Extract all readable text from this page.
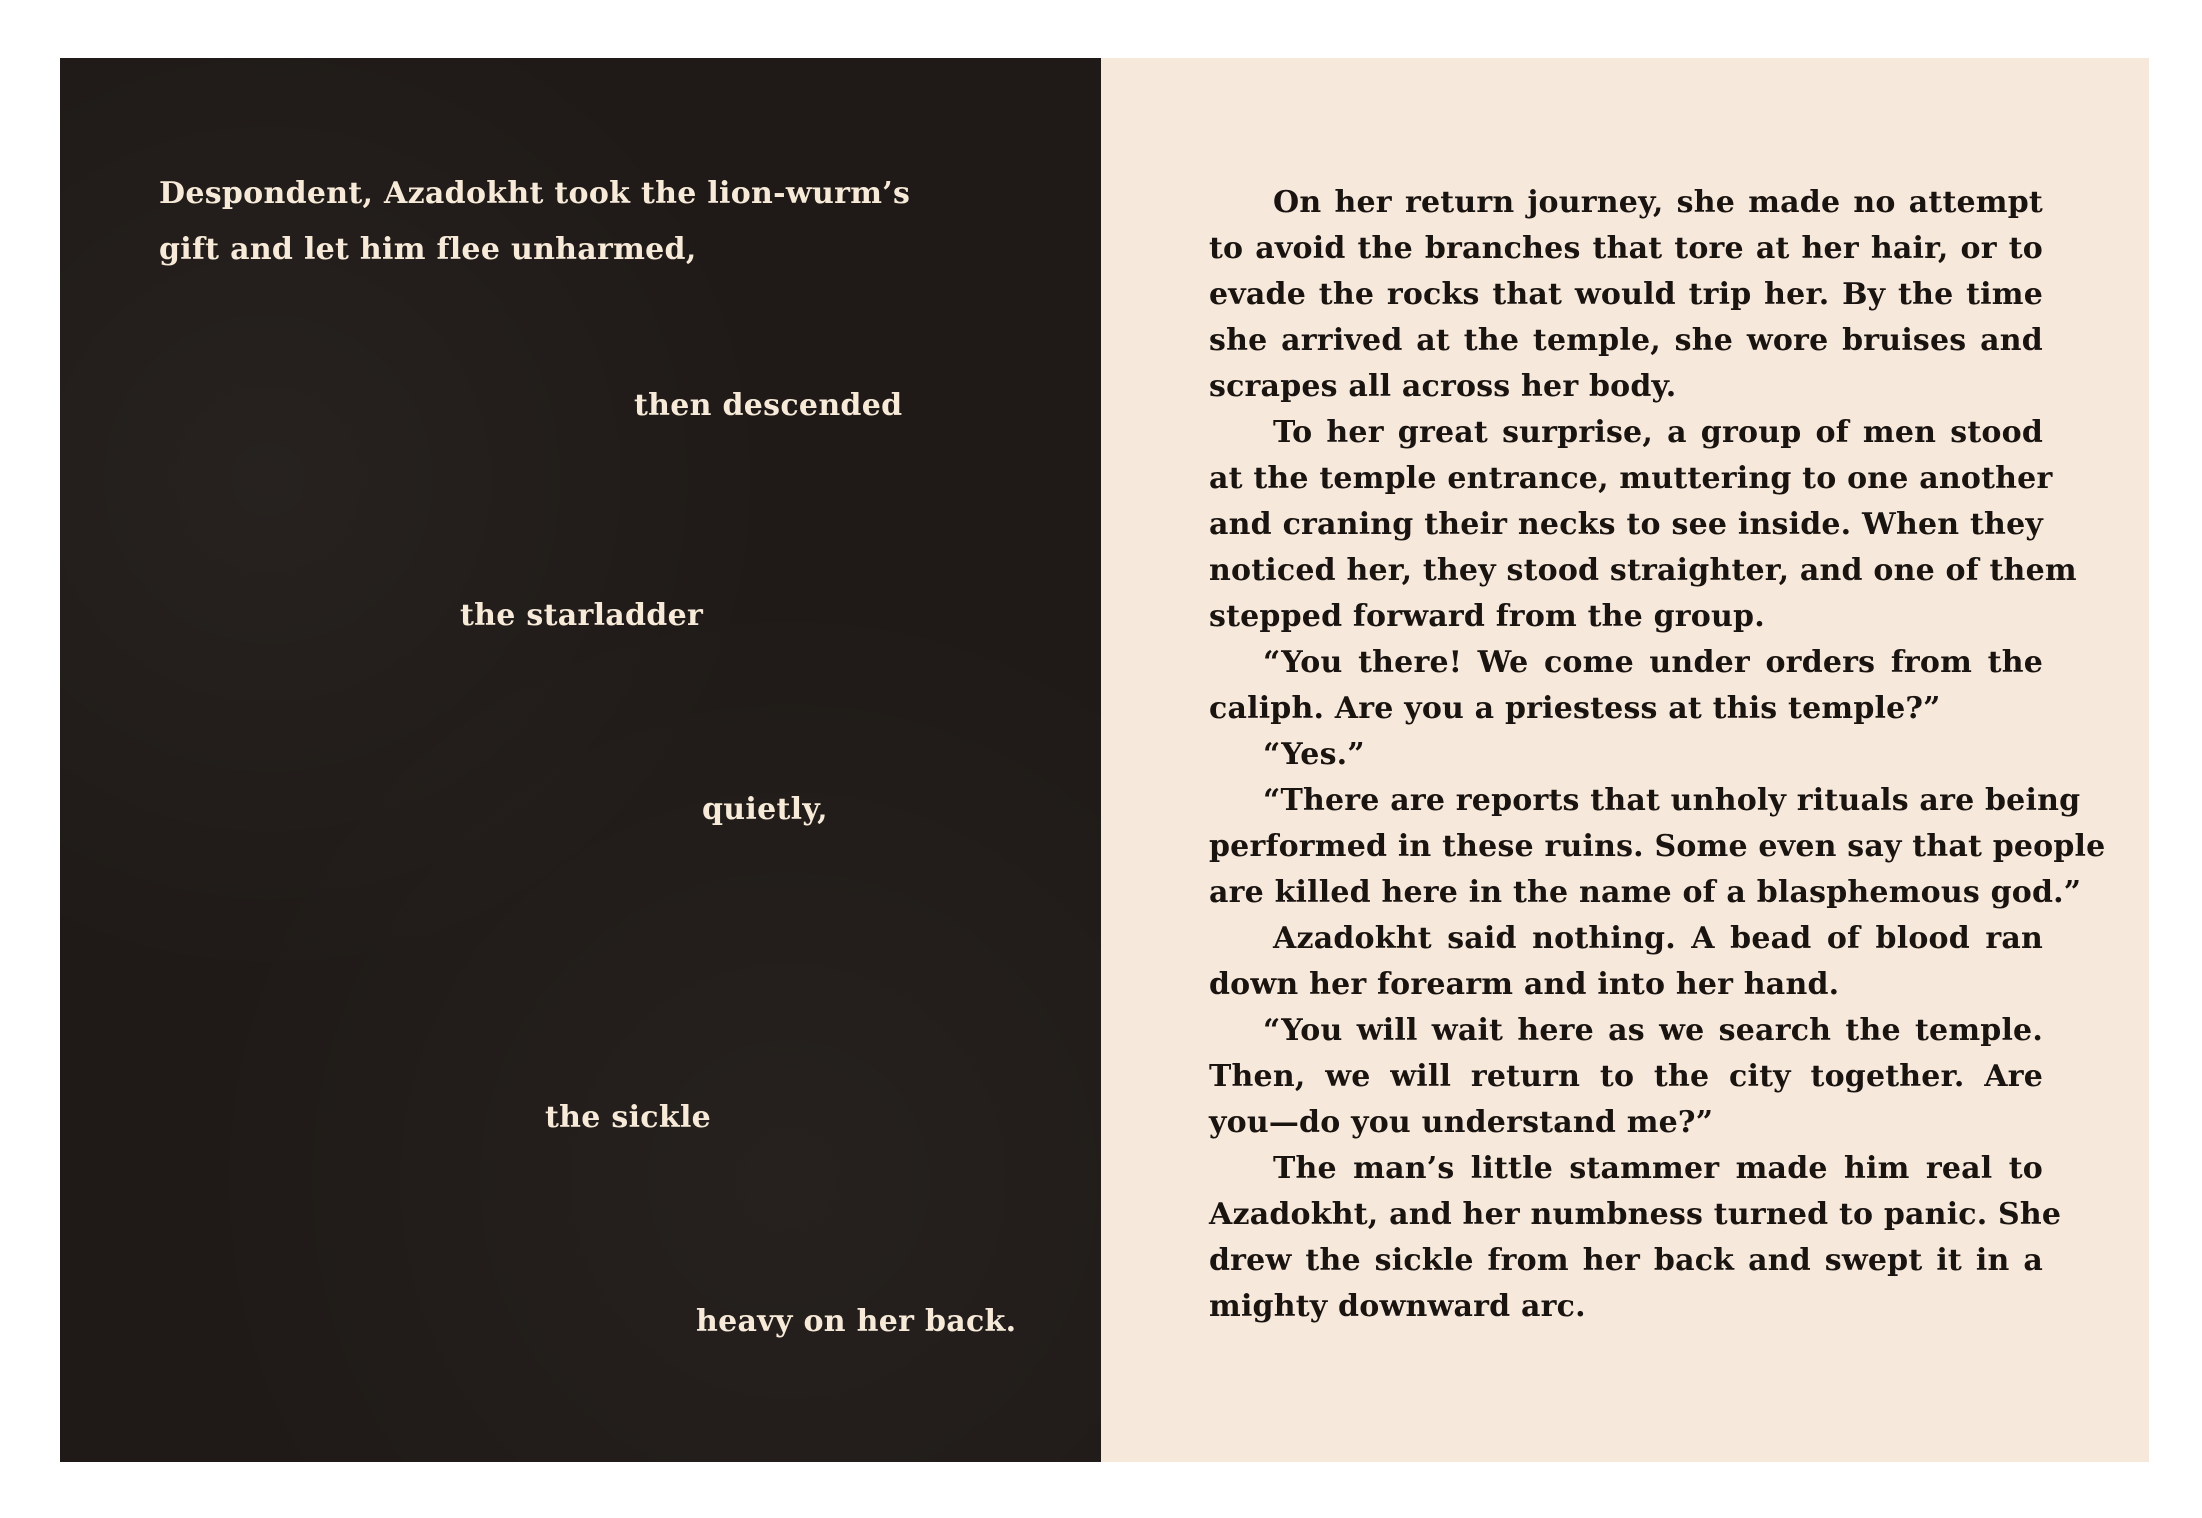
Despondent, Azadokht took the lion-wurm’s
gift and let him flee unharmed,
then descended
the starladder
quietly,
the sickle
heavy on her back.
On her return journey, she made no attempt
to avoid the branches that tore at her hair, or to
evade the rocks that would trip her. By the time
she arrived at the temple, she wore bruises and
scrapes all across her body.
To her great surprise, a group of men stood
at the temple entrance, muttering to one another
and craning their necks to see inside. When they
noticed her, they stood straighter, and one of them
stepped forward from the group.
“You there! We come under orders from the
caliph. Are you a priestess at this temple?”
“Yes.”
“There are reports that unholy rituals are being
performed in these ruins. Some even say that people
are killed here in the name of a blasphemous god.”
Azadokht said nothing. A bead of blood ran
down her forearm and into her hand.
“You will wait here as we search the temple.
Then, we will return to the city together. Are
you—do you understand me?”
The man’s little stammer made him real to
Azadokht, and her numbness turned to panic. She
drew the sickle from her back and swept it in a
mighty downward arc.
